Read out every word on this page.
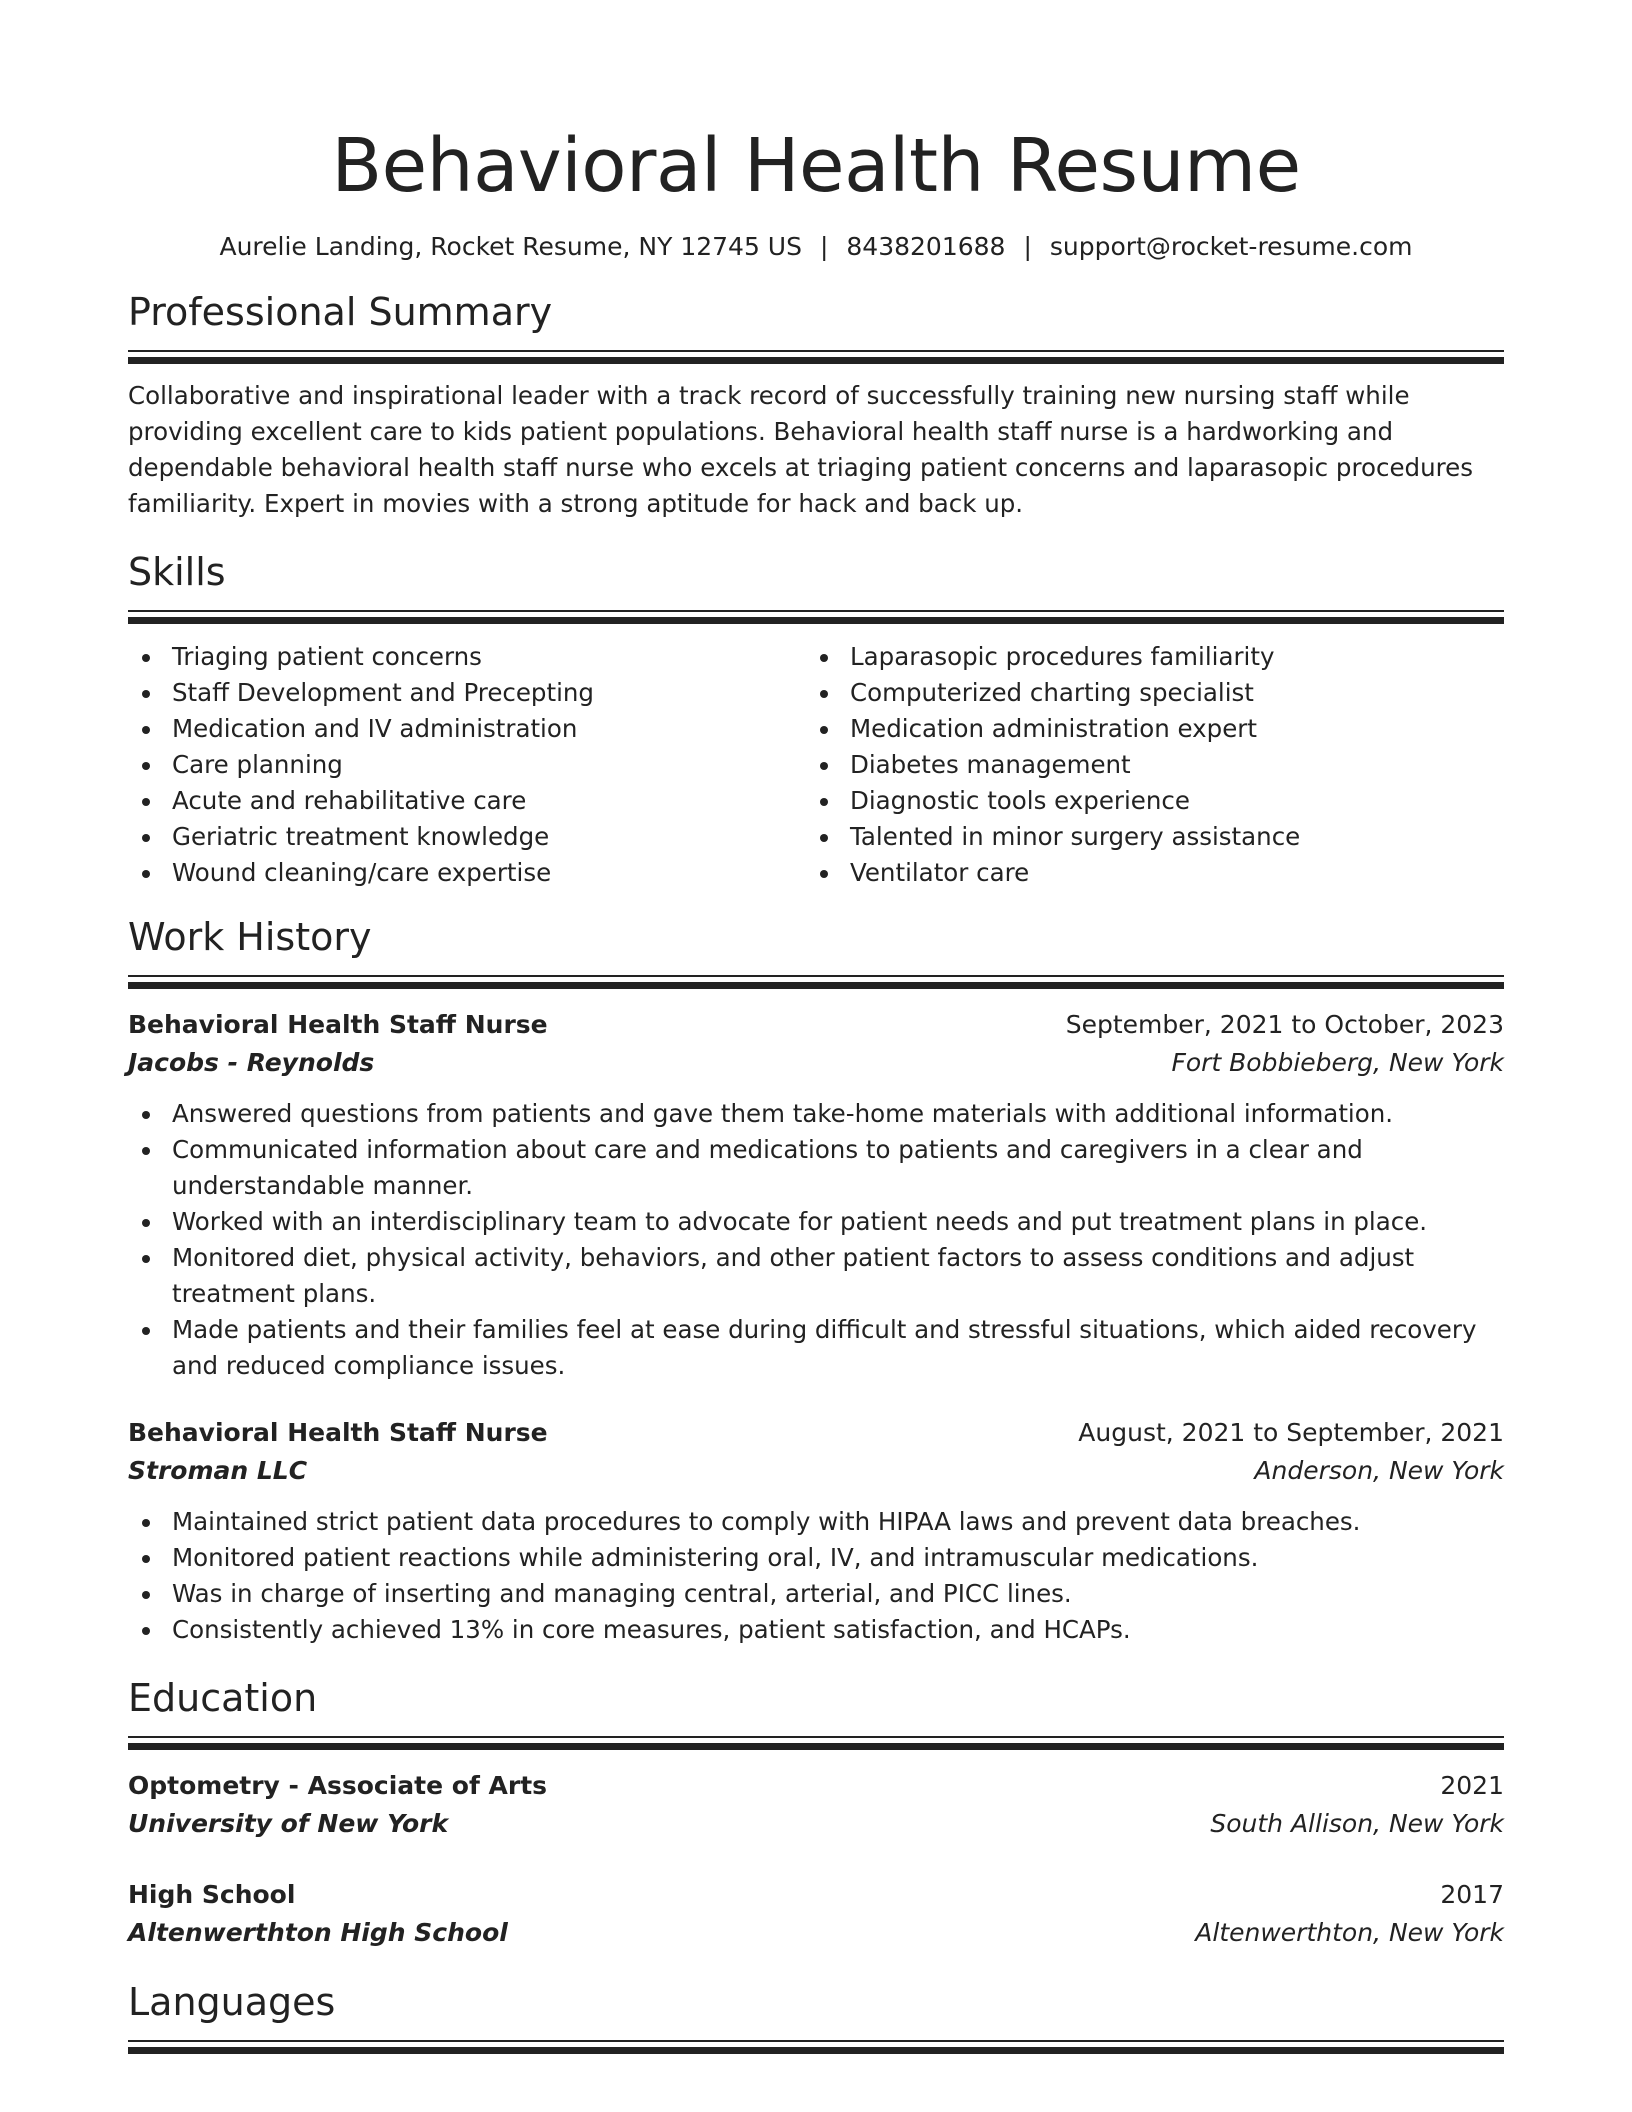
Behavioral Health Resume
Aurelie Landing, Rocket Resume, NY 12745 US | 8438201688 | support@rocket-resume.com
Professional Summary
Collaborative and inspirational leader with a track record of successfully training new nursing staff while providing excellent care to kids patient populations. Behavioral health staff nurse is a hardworking and dependable behavioral health staff nurse who excels at triaging patient concerns and laparasopic procedures familiarity. Expert in movies with a strong aptitude for hack and back up.
Skills
Triaging patient concerns
Staff Development and Precepting
Medication and IV administration
Care planning
Acute and rehabilitative care
Geriatric treatment knowledge
Wound cleaning/care expertise
Laparasopic procedures familiarity
Computerized charting specialist
Medication administration expert
Diabetes management
Diagnostic tools experience
Talented in minor surgery assistance
Ventilator care
Work History
Behavioral Health Staff Nurse	September, 2021 to October, 2023
Jacobs - Reynolds	Fort Bobbieberg, New York
Answered questions from patients and gave them take-home materials with additional information.
Communicated information about care and medications to patients and caregivers in a clear and understandable manner.
Worked with an interdisciplinary team to advocate for patient needs and put treatment plans in place.
Monitored diet, physical activity, behaviors, and other patient factors to assess conditions and adjust treatment plans.
Made patients and their families feel at ease during difficult and stressful situations, which aided recovery and reduced compliance issues.
Behavioral Health Staff Nurse	August, 2021 to September, 2021
Stroman LLC	Anderson, New York
Maintained strict patient data procedures to comply with HIPAA laws and prevent data breaches.
Monitored patient reactions while administering oral, IV, and intramuscular medications.
Was in charge of inserting and managing central, arterial, and PICC lines.
Consistently achieved 13% in core measures, patient satisfaction, and HCAPs.
Education
Optometry - Associate of Arts	2021
University of New York	South Allison, New York
High School	2017
Altenwerthton High School	Altenwerthton, New York
Languages
